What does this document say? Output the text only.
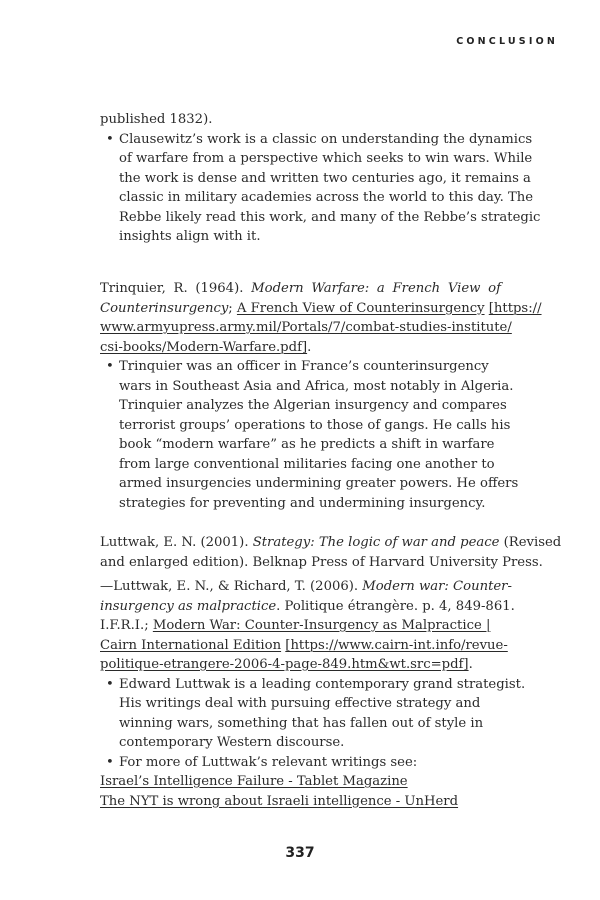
CONCLUSION
published 1832).
• Clausewitz’s work is a classic on understanding the dynamics
of warfare from a perspective which seeks to win wars. While
the work is dense and written two centuries ago, it remains a
classic in military academies across the world to this day. The
Rebbe likely read this work, and many of the Rebbe’s strategic
insights align with it.
Trinquier, R. (1964). Modern Warfare: a French View of
Counterinsurgency; A French View of Counterinsurgency [https://
www.armyupress.army.mil/Portals/7/combat-studies-institute/
csi-books/Modern-Warfare.pdf].
• Trinquier was an officer in France’s counterinsurgency
wars in Southeast Asia and Africa, most notably in Algeria.
Trinquier analyzes the Algerian insurgency and compares
terrorist groups’ operations to those of gangs. He calls his
book “modern warfare” as he predicts a shift in warfare
from large conventional militaries facing one another to
armed insurgencies undermining greater powers. He offers
strategies for preventing and undermining insurgency.
Luttwak, E. N. (2001). Strategy: The logic of war and peace (Revised
and enlarged edition). Belknap Press of Harvard University Press.
—Luttwak, E. N., & Richard, T. (2006). Modern war: Counter-
insurgency as malpractice. Politique étrangère. p. 4, 849-861.
I.F.R.I.; Modern War: Counter-Insurgency as Malpractice |
Cairn International Edition [https://www.cairn-int.info/revue-
politique-etrangere-2006-4-page-849.htm&wt.src=pdf].
• Edward Luttwak is a leading contemporary grand strategist.
His writings deal with pursuing effective strategy and
winning wars, something that has fallen out of style in
contemporary Western discourse.
• For more of Luttwak’s relevant writings see:
Israel’s Intelligence Failure - Tablet Magazine
The NYT is wrong about Israeli intelligence - UnHerd
337
